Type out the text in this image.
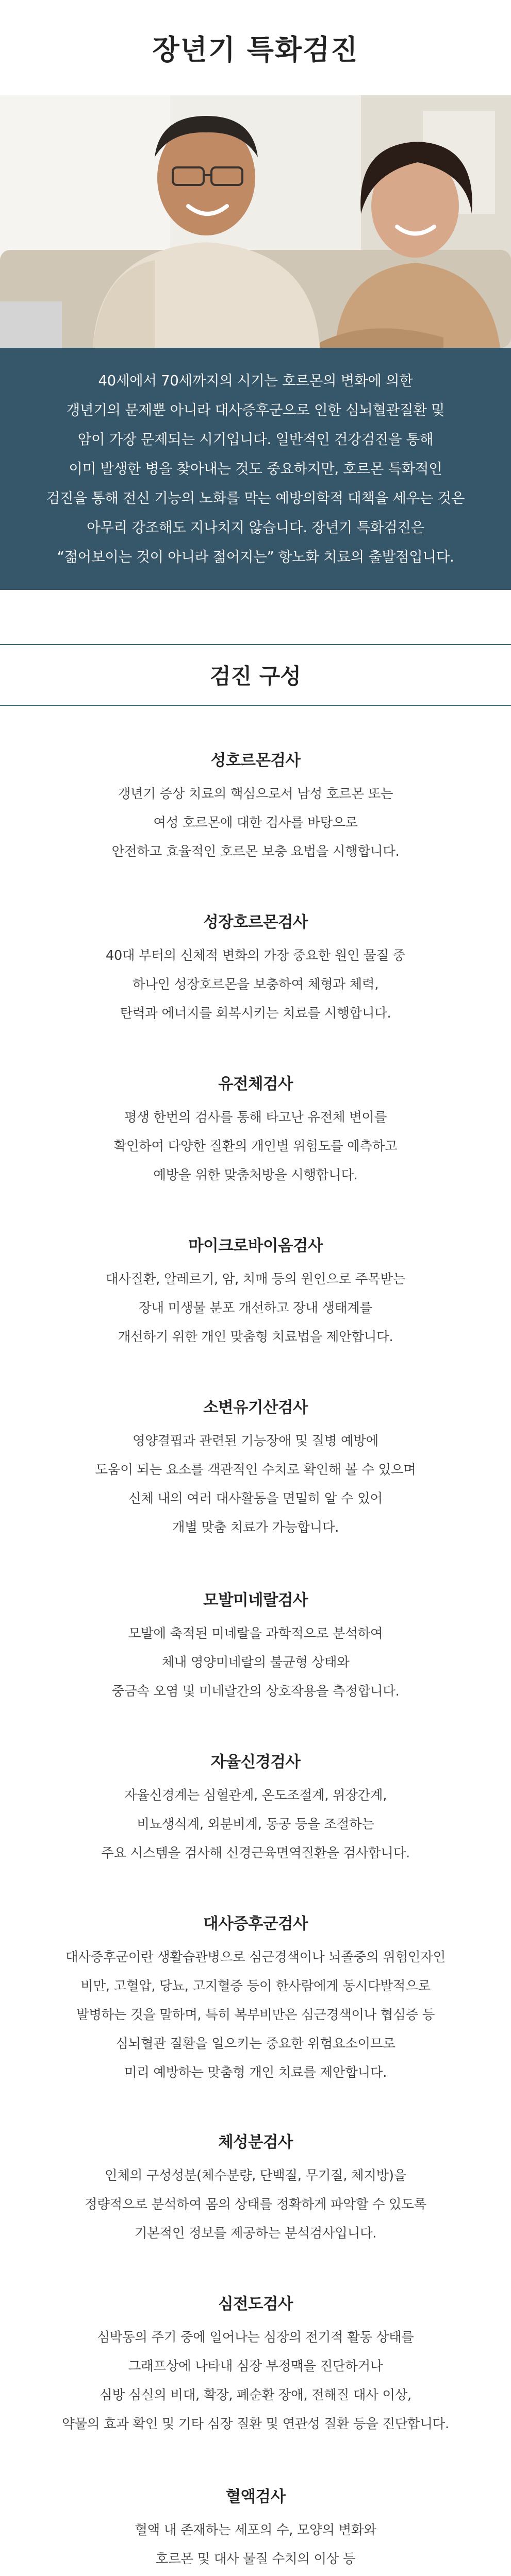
장년기 특화검진

40세에서 70세까지의 시기는 호르몬의 변화에 의한
갱년기의 문제뿐 아니라 대사증후군으로 인한 심뇌혈관질환 및
암이 가장 문제되는 시기입니다. 일반적인 건강검진을 통해
이미 발생한 병을 찾아내는 것도 중요하지만, 호르몬 특화적인
검진을 통해 전신 기능의 노화를 막는 예방의학적 대책을 세우는 것은
아무리 강조해도 지나치지 않습니다. 장년기 특화검진은
“젊어보이는 것이 아니라 젊어지는” 항노화 치료의 출발점입니다.

검진 구성
성호르몬검사

갱년기 증상 치료의 핵심으로서 남성 호르몬 또는
여성 호르몬에 대한 검사를 바탕으로
안전하고 효율적인 호르몬 보충 요법을 시행합니다.

성장호르몬검사

40대 부터의 신체적 변화의 가장 중요한 원인 물질 중
하나인 성장호르몬을 보충하여 체형과 체력,
탄력과 에너지를 회복시키는 치료를 시행합니다.

유전체검사

평생 한번의 검사를 통해 타고난 유전체 변이를
확인하여 다양한 질환의 개인별 위험도를 예측하고
예방을 위한 맞춤처방을 시행합니다.

마이크로바이옴검사

대사질환, 알레르기, 암, 치매 등의 원인으로 주목받는
장내 미생물 분포 개선하고 장내 생태계를
개선하기 위한 개인 맞춤형 치료법을 제안합니다.

소변유기산검사

영양결핍과 관련된 기능장애 및 질병 예방에
도움이 되는 요소를 객관적인 수치로 확인해 볼 수 있으며
신체 내의 여러 대사활동을 면밀히 알 수 있어
개별 맞춤 치료가 가능합니다.

모발미네랄검사

모발에 축적된 미네랄을 과학적으로 분석하여
체내 영양미네랄의 불균형 상태와
중금속 오염 및 미네랄간의 상호작용을 측정합니다.

자율신경검사

자율신경계는 심혈관계, 온도조절계, 위장간계,
비뇨생식계, 외분비계, 동공 등을 조절하는
주요 시스템을 검사해 신경근육면역질환을 검사합니다.

대사증후군검사

대사증후군이란 생활습관병으로 심근경색이나 뇌졸중의 위험인자인
비만, 고혈압, 당뇨, 고지혈증 등이 한사람에게 동시다발적으로
발병하는 것을 말하며, 특히 복부비만은 심근경색이나 협심증 등
심뇌혈관 질환을 일으키는 중요한 위험요소이므로
미리 예방하는 맞춤형 개인 치료를 제안합니다.

체성분검사

인체의 구성성분(체수분량, 단백질, 무기질, 체지방)을
정량적으로 분석하여 몸의 상태를 정확하게 파악할 수 있도록
기본적인 정보를 제공하는 분석검사입니다.

심전도검사

심박동의 주기 중에 일어나는 심장의 전기적 활동 상태를
그래프상에 나타내 심장 부정맥을 진단하거나
심방 심실의 비대, 확장, 폐순환 장애, 전해질 대사 이상,
약물의 효과 확인 및 기타 심장 질환 및 연관성 질환 등을 진단합니다.

혈액검사

혈액 내 존재하는 세포의 수, 모양의 변화와
호르몬 및 대사 물질 수치의 이상 등
